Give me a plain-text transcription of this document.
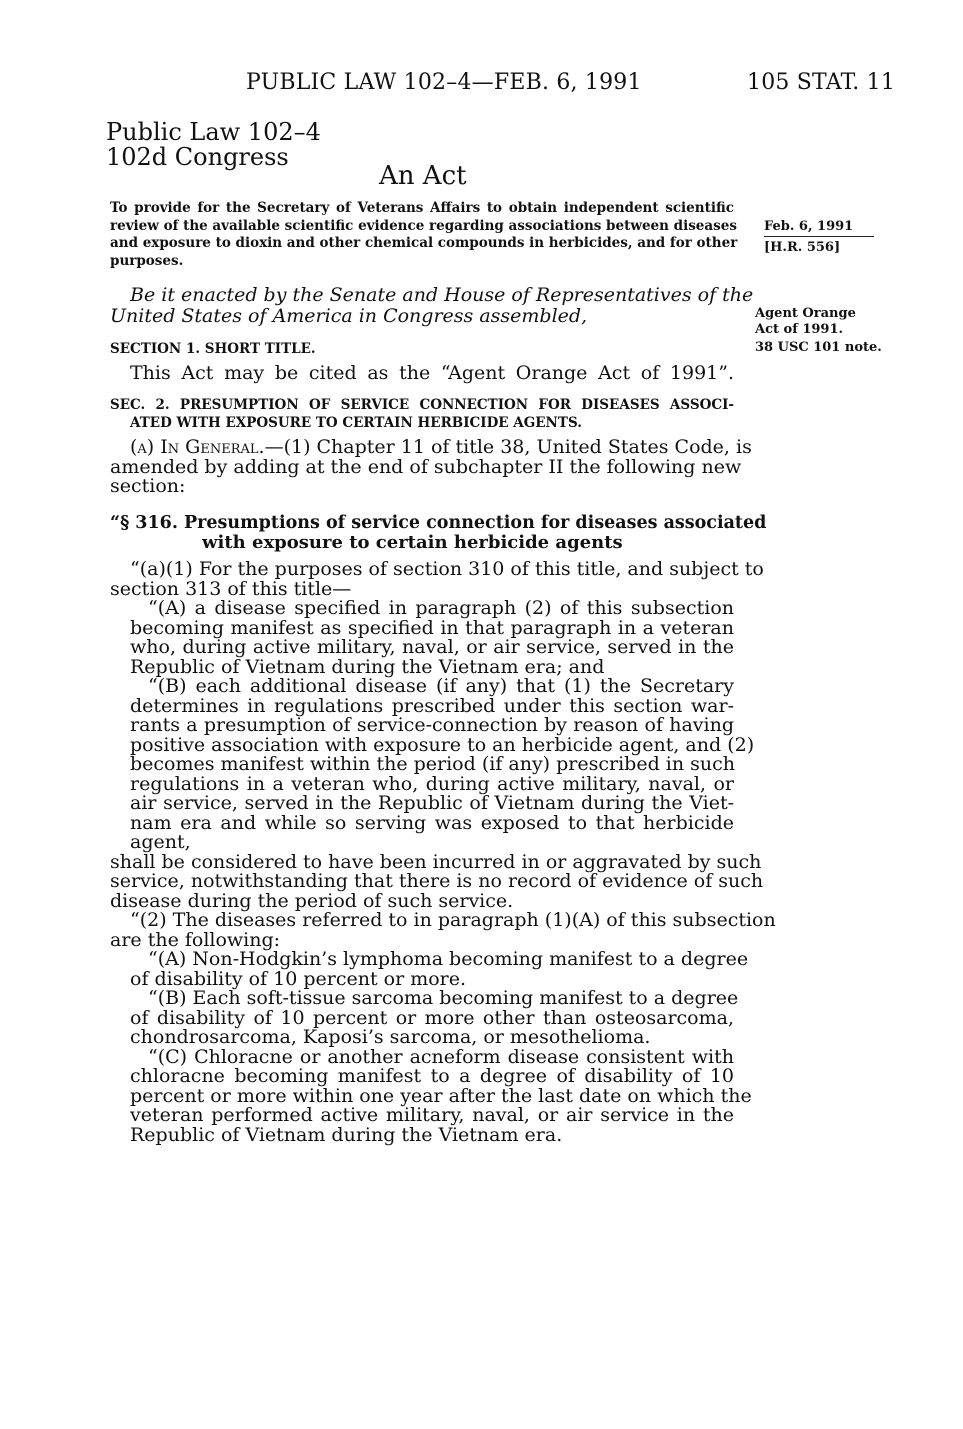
PUBLIC LAW 102–4—FEB. 6, 1991	105 STAT. 11
Public Law 102–4
102d Congress
An Act
To provide for the Secretary of Veterans Affairs to obtain independent scientific
review of the available scientific evidence regarding associations between diseases
and exposure to dioxin and other chemical compounds in herbicides, and for other
purposes.
Feb. 6, 1991
[H.R. 556]
Agent Orange
Act of 1991.
38 USC 101 note.
Be it enacted by the Senate and House of Representatives of the
United States of America in Congress assembled,
SECTION 1. SHORT TITLE.
This Act may be cited as the “Agent Orange Act of 1991”.
SEC. 2. PRESUMPTION OF SERVICE CONNECTION FOR DISEASES ASSOCI-
ATED WITH EXPOSURE TO CERTAIN HERBICIDE AGENTS.
(a) In General.—(1) Chapter 11 of title 38, United States Code, is
amended by adding at the end of subchapter II the following new
section:
“§ 316. Presumptions of service connection for diseases associated
with exposure to certain herbicide agents
“(a)(1) For the purposes of section 310 of this title, and subject to
section 313 of this title—
“(A) a disease specified in paragraph (2) of this subsection
becoming manifest as specified in that paragraph in a veteran
who, during active military, naval, or air service, served in the
Republic of Vietnam during the Vietnam era; and
“(B) each additional disease (if any) that (1) the Secretary
determines in regulations prescribed under this section war-
rants a presumption of service-connection by reason of having
positive association with exposure to an herbicide agent, and (2)
becomes manifest within the period (if any) prescribed in such
regulations in a veteran who, during active military, naval, or
air service, served in the Republic of Vietnam during the Viet-
nam era and while so serving was exposed to that herbicide
agent,
shall be considered to have been incurred in or aggravated by such
service, notwithstanding that there is no record of evidence of such
disease during the period of such service.
“(2) The diseases referred to in paragraph (1)(A) of this subsection
are the following:
“(A) Non-Hodgkin’s lymphoma becoming manifest to a degree
of disability of 10 percent or more.
“(B) Each soft-tissue sarcoma becoming manifest to a degree
of disability of 10 percent or more other than osteosarcoma,
chondrosarcoma, Kaposi’s sarcoma, or mesothelioma.
“(C) Chloracne or another acneform disease consistent with
chloracne becoming manifest to a degree of disability of 10
percent or more within one year after the last date on which the
veteran performed active military, naval, or air service in the
Republic of Vietnam during the Vietnam era.
